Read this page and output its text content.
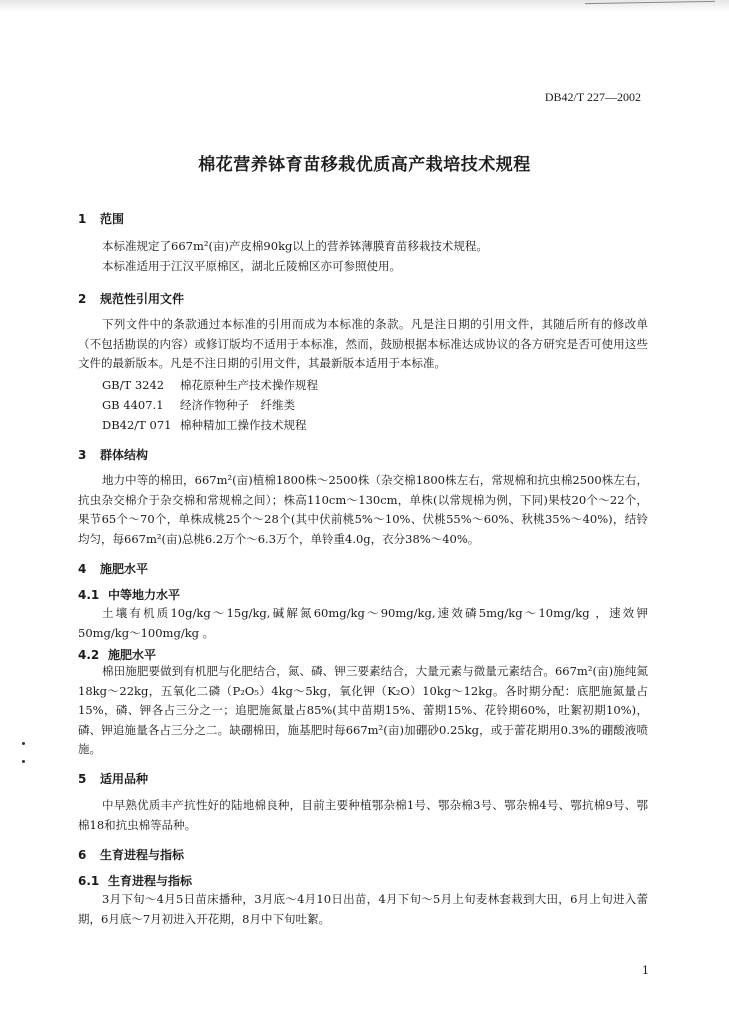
DB42/T 227—2002
棉花营养钵育苗移栽优质高产栽培技术规程
1 范围
本标准规定了667m²(亩)产皮棉90kg以上的营养钵薄膜育苗移栽技术规程。
本标准适用于江汉平原棉区，湖北丘陵棉区亦可参照使用。
2 规范性引用文件

下列文件中的条款通过本标准的引用而成为本标准的条款。凡是注日期的引用文件，其随后所有的修改单（不包括勘误的内容）或修订版均不适用于本标准，然而，鼓励根据本标准达成协议的各方研究是否可使用这些文件的最新版本。凡是不注日期的引用文件，其最新版本适用于本标准。

GB/T 3242 棉花原种生产技术操作规程
GB 4407.1 经济作物种子　纤维类
DB42/T 071 棉种精加工操作技术规程
3 群体结构

地力中等的棉田，667m²(亩)植棉1800株～2500株（杂交棉1800株左右，常规棉和抗虫棉2500株左右，抗虫杂交棉介于杂交棉和常规棉之间）；株高110cm～130cm，单株(以常规棉为例，下同)果枝20个～22个，果节65个～70个，单株成桃25个～28个(其中伏前桃5%～10%、伏桃55%～60%、秋桃35%～40%)，结铃均匀，每667m²(亩)总桃6.2万个～6.3万个，单铃重4.0g，衣分38%～40%。

4 施肥水平
4.1 中等地力水平

土壤有机质10g/kg～15g/kg,碱解氮60mg/kg～90mg/kg,速效磷5mg/kg～10mg/kg ，速效钾50mg/kg～100mg/kg 。

4.2 施肥水平

棉田施肥要做到有机肥与化肥结合，氮、磷、钾三要素结合，大量元素与微量元素结合。667m²(亩)施纯氮18kg～22kg，五氧化二磷（P₂O₅）4kg～5kg，氧化钾（K₂O）10kg～12kg。各时期分配：底肥施氮量占15%，磷、钾各占三分之一；追肥施氮量占85%(其中苗期15%、蕾期15%、花铃期60%，吐絮初期10%)，磷、钾追施量各占三分之二。缺硼棉田，施基肥时每667m²(亩)加硼砂0.25kg，或于蕾花期用0.3%的硼酸液喷施。

5 适用品种

中早熟优质丰产抗性好的陆地棉良种，目前主要种植鄂杂棉1号、鄂杂棉3号、鄂杂棉4号、鄂抗棉9号、鄂棉18和抗虫棉等品种。

6 生育进程与指标
6.1 生育进程与指标

3月下旬～4月5日苗床播种，3月底～4月10日出苗，4月下旬～5月上旬麦林套栽到大田，6月上旬进入蕾期，6月底～7月初进入开花期，8月中下旬吐絮。

1
